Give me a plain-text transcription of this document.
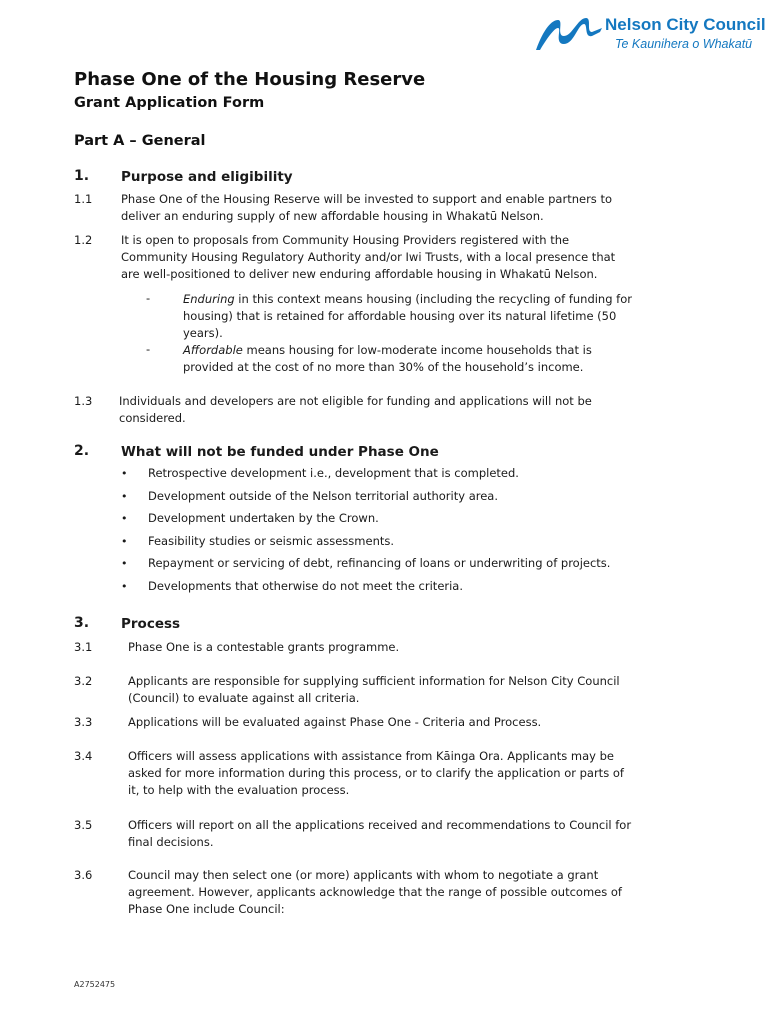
Nelson City Council
Te Kaunihera o Whakatū
Phase One of the Housing Reserve
Grant Application Form
Part A – General
1. Purpose and eligibility
1.1 Phase One of the Housing Reserve will be invested to support and enable partners to
deliver an enduring supply of new affordable housing in Whakatū Nelson.
1.2 It is open to proposals from Community Housing Providers registered with the
Community Housing Regulatory Authority and/or Iwi Trusts, with a local presence that
are well-positioned to deliver new enduring affordable housing in Whakatū Nelson.
-	Enduring in this context means housing (including the recycling of funding for
housing) that is retained for affordable housing over its natural lifetime (50
years).
-	Affordable means housing for low-moderate income households that is
provided at the cost of no more than 30% of the household’s income.
1.3 Individuals and developers are not eligible for funding and applications will not be
considered.
2. What will not be funded under Phase One
• Retrospective development i.e., development that is completed.
• Development outside of the Nelson territorial authority area.
• Development undertaken by the Crown.
• Feasibility studies or seismic assessments.
• Repayment or servicing of debt, refinancing of loans or underwriting of projects.
• Developments that otherwise do not meet the criteria.
3. Process
3.1	Phase One is a contestable grants programme.
3.2	Applicants are responsible for supplying sufficient information for Nelson City Council
(Council) to evaluate against all criteria.
3.3	Applications will be evaluated against Phase One - Criteria and Process.
3.4	Officers will assess applications with assistance from Kāinga Ora. Applicants may be
asked for more information during this process, or to clarify the application or parts of
it, to help with the evaluation process.
3.5	Officers will report on all the applications received and recommendations to Council for
final decisions.
3.6	Council may then select one (or more) applicants with whom to negotiate a grant
agreement. However, applicants acknowledge that the range of possible outcomes of
Phase One include Council:
A2752475
